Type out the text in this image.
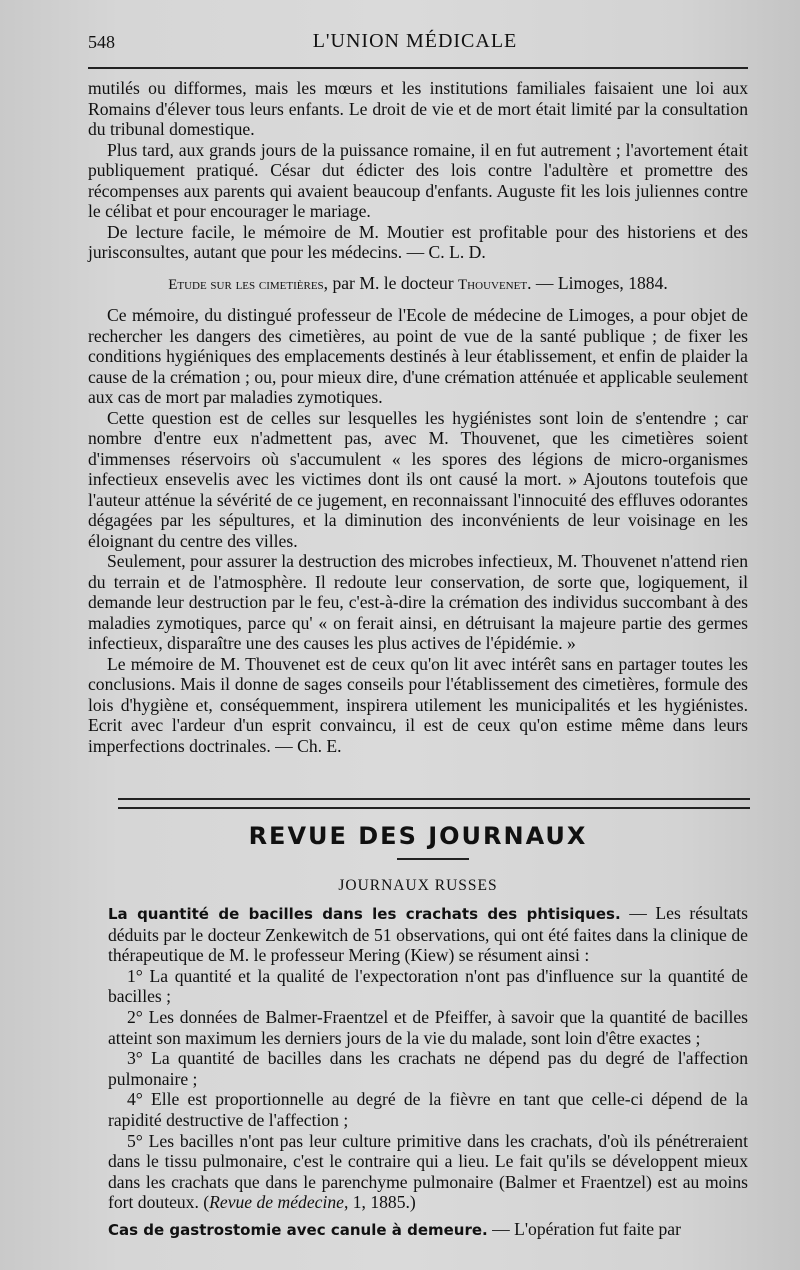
548	L'UNION MÉDICALE

mutilés ou difformes, mais les mœurs et les institutions familiales faisaient une loi aux Romains d'élever tous leurs enfants. Le droit de vie et de mort était limité par la consultation du tribunal domestique.

Plus tard, aux grands jours de la puissance romaine, il en fut autrement ; l'avortement était publiquement pratiqué. César dut édicter des lois contre l'adultère et promettre des récompenses aux parents qui avaient beaucoup d'enfants. Auguste fit les lois juliennes contre le célibat et pour encourager le mariage.

De lecture facile, le mémoire de M. Moutier est profitable pour des historiens et des jurisconsultes, autant que pour les médecins. — C. L. D.

Etude sur les cimetières, par M. le docteur Thouvenet. — Limoges, 1884.

Ce mémoire, du distingué professeur de l'Ecole de médecine de Limoges, a pour objet de rechercher les dangers des cimetières, au point de vue de la santé publique ; de fixer les conditions hygiéniques des emplacements destinés à leur établissement, et enfin de plaider la cause de la crémation ; ou, pour mieux dire, d'une crémation atténuée et applicable seulement aux cas de mort par maladies zymotiques.

Cette question est de celles sur lesquelles les hygiénistes sont loin de s'entendre ; car nombre d'entre eux n'admettent pas, avec M. Thouvenet, que les cimetières soient d'immenses réservoirs où s'accumulent « les spores des légions de micro-organismes infectieux ensevelis avec les victimes dont ils ont causé la mort. » Ajoutons toutefois que l'auteur atténue la sévérité de ce jugement, en reconnaissant l'innocuité des effluves odorantes dégagées par les sépultures, et la diminution des inconvénients de leur voisinage en les éloignant du centre des villes.

Seulement, pour assurer la destruction des microbes infectieux, M. Thouvenet n'attend rien du terrain et de l'atmosphère. Il redoute leur conservation, de sorte que, logiquement, il demande leur destruction par le feu, c'est-à-dire la crémation des individus succombant à des maladies zymotiques, parce qu' « on ferait ainsi, en détruisant la majeure partie des germes infectieux, disparaître une des causes les plus actives de l'épidémie. »

Le mémoire de M. Thouvenet est de ceux qu'on lit avec intérêt sans en partager toutes les conclusions. Mais il donne de sages conseils pour l'établissement des cimetières, formule des lois d'hygiène et, conséquemment, inspirera utilement les municipalités et les hygiénistes. Ecrit avec l'ardeur d'un esprit convaincu, il est de ceux qu'on estime même dans leurs imperfections doctrinales. — Ch. E.

REVUE DES JOURNAUX
JOURNAUX RUSSES

La quantité de bacilles dans les crachats des phtisiques. — Les résultats déduits par le docteur Zenkewitch de 51 observations, qui ont été faites dans la clinique de thérapeutique de M. le professeur Mering (Kiew) se résument ainsi :

1° La quantité et la qualité de l'expectoration n'ont pas d'influence sur la quantité de bacilles ;

2° Les données de Balmer-Fraentzel et de Pfeiffer, à savoir que la quantité de bacilles atteint son maximum les derniers jours de la vie du malade, sont loin d'être exactes ;

3° La quantité de bacilles dans les crachats ne dépend pas du degré de l'affection pulmonaire ;

4° Elle est proportionnelle au degré de la fièvre en tant que celle-ci dépend de la rapidité destructive de l'affection ;

5° Les bacilles n'ont pas leur culture primitive dans les crachats, d'où ils pénétreraient dans le tissu pulmonaire, c'est le contraire qui a lieu. Le fait qu'ils se développent mieux dans les crachats que dans le parenchyme pulmonaire (Balmer et Fraentzel) est au moins fort douteux. (Revue de médecine, 1, 1885.)

Cas de gastrostomie avec canule à demeure. — L'opération fut faite par
